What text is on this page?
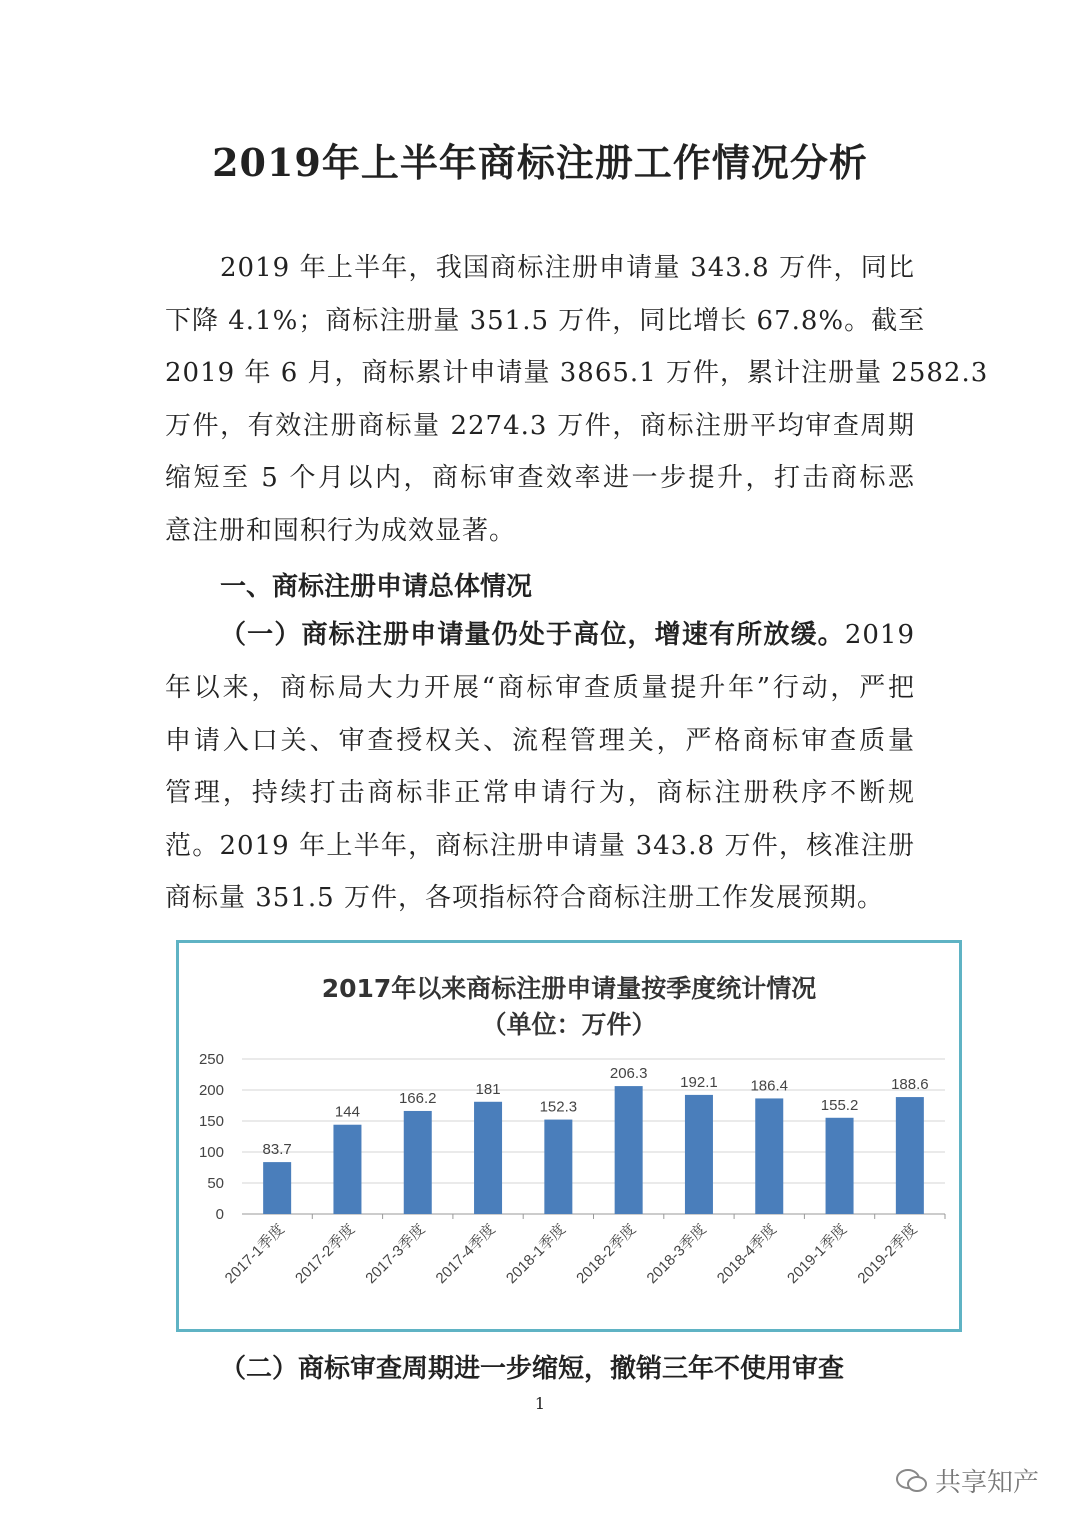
2019年上半年商标注册工作情况分析
2019 年上半年，我国商标注册申请量 343.8 万件，同比
下降 4.1%；商标注册量 351.5 万件，同比增长 67.8%。截至
2019 年 6 月，商标累计申请量 3865.1 万件，累计注册量 2582.3
万件，有效注册商标量 2274.3 万件，商标注册平均审查周期
缩短至 5 个月以内，商标审查效率进一步提升，打击商标恶
意注册和囤积行为成效显著。
一、商标注册申请总体情况
（一）商标注册申请量仍处于高位，增速有所放缓。2019
年以来，商标局大力开展“商标审查质量提升年”行动，严把
申请入口关、审查授权关、流程管理关，严格商标审查质量
管理，持续打击商标非正常申请行为，商标注册秩序不断规
范。2019 年上半年，商标注册申请量 343.8 万件，核准注册
商标量 351.5 万件，各项指标符合商标注册工作发展预期。
2017年以来商标注册申请量按季度统计情况
（单位：万件）
0
50
100
150
200
250
83.7
2017-1季度
144
2017-2季度
166.2
2017-3季度
181
2017-4季度
152.3
2018-1季度
206.3
2018-2季度
192.1
2018-3季度
186.4
2018-4季度
155.2
2019-1季度
188.6
2019-2季度
（二）商标审查周期进一步缩短，撤销三年不使用审查
1
共享知产
